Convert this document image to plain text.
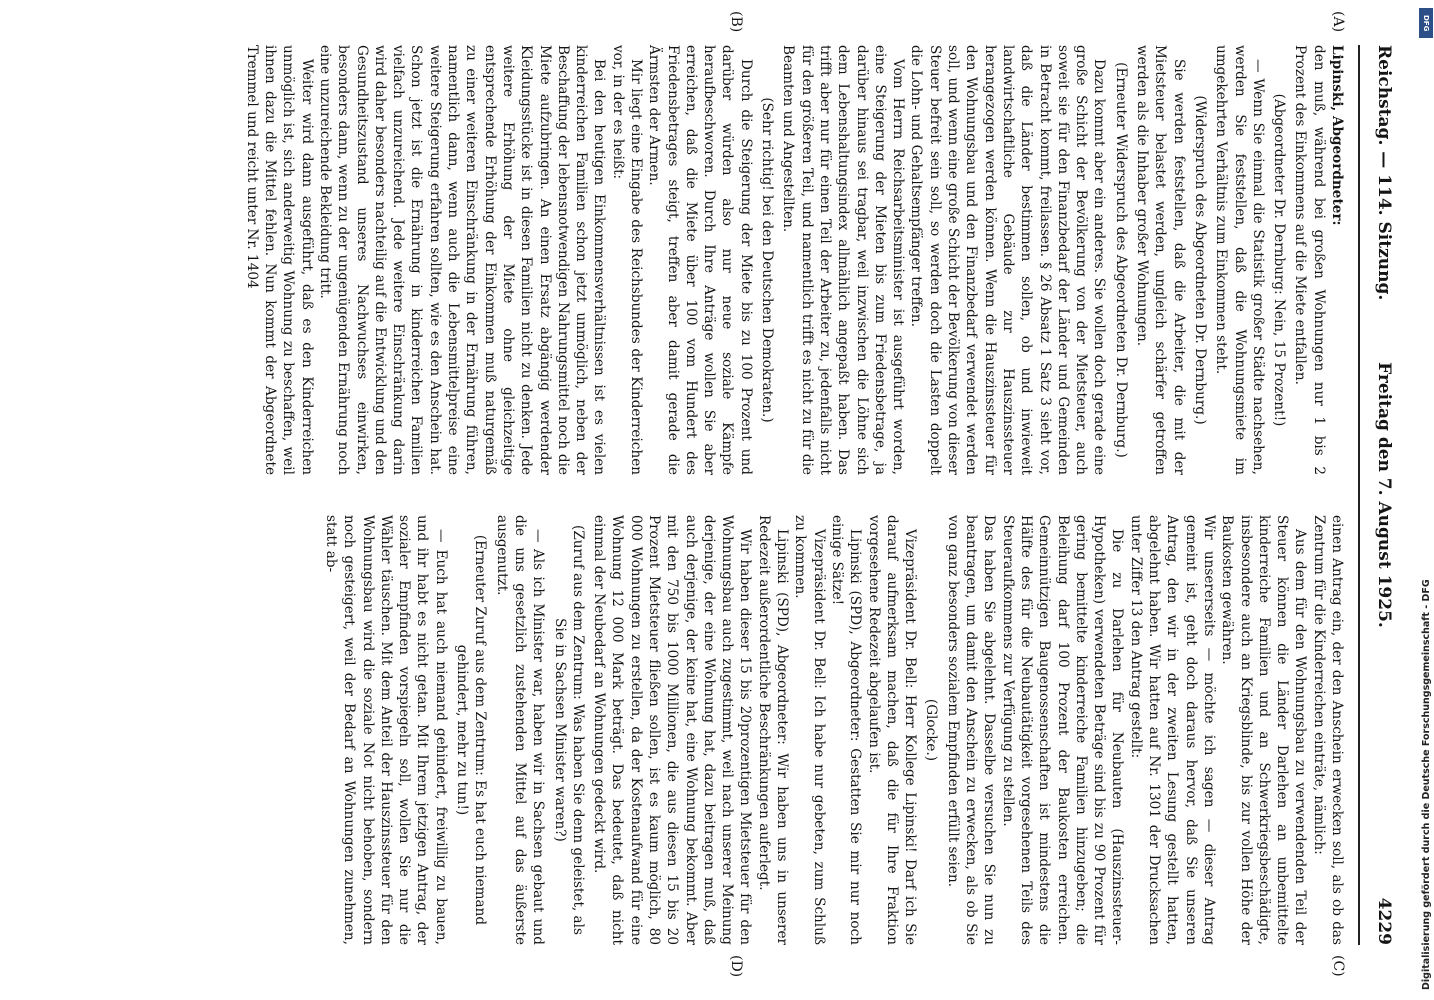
Reichstag. — 114. Sitzung.
Freitag den 7. August 1925.
4229
(A)
(B)
(C)
(D)

Lipinski, Abgeordneter:

den muß, während bei großen Wohnungen nur 1 bis 2 Prozent des Einkommens auf die Miete entfallen.

(Abgeordneter Dr. Dernburg: Nein, 15 Prozent!)

— Wenn Sie einmal die Statistik großer Städte nachsehen, werden Sie feststellen, daß die Wohnungsmiete im umgekehrten Verhältnis zum Einkommen steht.

(Widerspruch des Abgeordneten Dr. Dernburg.)

Sie werden feststellen, daß die Arbeiter, die mit der Mietsteuer belastet werden, ungleich schärfer getroffen werden als die Inhaber großer Wohnungen.

(Erneuter Widerspruch des Abgeordneten Dr. Dernburg.)

Dazu kommt aber ein anderes. Sie wollen doch gerade eine große Schicht der Bevölkerung von der Mietsteuer, auch soweit sie für den Finanzbedarf der Länder und Gemeinden in Betracht kommt, freilassen. § 26 Absatz 1 Satz 3 sieht vor, daß die Länder bestimmen sollen, ob und inwieweit landwirtschaftliche Gebäude zur Hauszinssteuer herangezogen werden können. Wenn die Hauszinssteuer für den Wohnungsbau und den Finanzbedarf verwendet werden soll, und wenn eine große Schicht der Bevölkerung von dieser Steuer befreit sein soll, so werden doch die Lasten doppelt die Lohn- und Gehaltsempfänger treffen.

Vom Herrn Reichsarbeitsminister ist ausgeführt worden, eine Steigerung der Mieten bis zum Friedensbetrage, ja darüber hinaus sei tragbar, weil inzwischen die Löhne sich dem Lebenshaltungsindex allmählich angepaßt haben. Das trifft aber nur für einen Teil der Arbeiter zu, jedenfalls nicht für den größeren Teil, und namentlich trifft es nicht zu für die Beamten und Angestellten.

(Sehr richtig! bei den Deutschen Demokraten.)

Durch die Steigerung der Miete bis zu 100 Prozent und darüber würden also nur neue soziale Kämpfe heraufbeschworen. Durch Ihre Anträge wollen Sie aber erreichen, daß die Miete über 100 vom Hundert des Friedensbetrages steigt, treffen aber damit gerade die Ärmsten der Armen.

Mir liegt eine Eingabe des Reichsbundes der Kinderreichen vor, in der es heißt:

Bei den heutigen Einkommensverhältnissen ist es vielen kinderreichen Familien schon jetzt unmöglich, neben der Beschaffung der lebensnotwendigen Nahrungsmittel noch die Miete aufzubringen. An einen Ersatz abgängig werdender Kleidungsstücke ist in diesen Familien nicht zu denken. Jede weitere Erhöhung der Miete ohne gleichzeitige entsprechende Erhöhung der Einkommen muß naturgemäß zu einer weiteren Einschränkung in der Ernährung führen, namentlich dann, wenn auch die Lebensmittelpreise eine weitere Steigerung erfahren sollten, wie es den Anschein hat. Schon jetzt ist die Ernährung in kinderreichen Familien vielfach unzureichend. Jede weitere Einschränkung darin wird daher besonders nachteilig auf die Entwicklung und den Gesundheitszustand unseres Nachwuchses einwirken, besonders dann, wenn zu der ungenügenden Ernährung noch eine unzureichende Bekleidung tritt.

Weiter wird dann ausgeführt, daß es den Kinderreichen unmöglich ist, sich anderweitig Wohnung zu beschaffen, weil ihnen dazu die Mittel fehlen. Nun kommt der Abgeordnete Tremmel und reicht unter Nr. 1404

einen Antrag ein, der den Anschein erwecken soll, als ob das Zentrum für die Kinderreichen einträte, nämlich:

Aus dem für den Wohnungsbau zu verwendenden Teil der Steuer können die Länder Darlehen an unbemittelte kinderreiche Familien und an Schwerkriegsbeschädigte, insbesondere auch an Kriegsblinde, bis zur vollen Höhe der Baukosten gewähren.

Wir unsererseits — möchte ich sagen — dieser Antrag gemeint ist, geht doch daraus hervor, daß Sie unseren Antrag, den wir in der zweiten Lesung gestellt hatten, abgelehnt haben. Wir hatten auf Nr. 1301 der Drucksachen unter Ziffer 13 den Antrag gestellt:

Die zu Darlehen für Neubauten (Hauszinssteuer-Hypotheken) verwendeten Beträge sind bis zu 90 Prozent für gering bemittelte kinderreiche Familien hinzugeben; die Beleihung darf 100 Prozent der Baukosten erreichen. Gemeinnützigen Baugenossenschaften ist mindestens die Hälfte des für die Neubautätigkeit vorgesehenen Teils des Steueraufkommens zur Verfügung zu stellen.

Das haben Sie abgelehnt. Dasselbe versuchen Sie nun zu beantragen, um damit den Anschein zu erwecken, als ob Sie von ganz besonders sozialem Empfinden erfüllt seien.

(Glocke.)

Vizepräsident Dr. Bell: Herr Kollege Lipinski! Darf ich Sie darauf aufmerksam machen, daß die für Ihre Fraktion vorgesehene Redezeit abgelaufen ist.

Lipinski (SPD), Abgeordneter: Gestatten Sie mir nur noch einige Sätze!

Vizepräsident Dr. Bell: Ich habe nur gebeten, zum Schluß zu kommen.

Lipinski (SPD), Abgeordneter: Wir haben uns in unserer Redezeit außerordentliche Beschränkungen auferlegt.

Wir haben dieser 15 bis 20prozentigen Mietsteuer für den Wohnungsbau auch zugestimmt, weil nach unserer Meinung derjenige, der eine Wohnung hat, dazu beitragen muß, daß auch derjenige, der keine hat, eine Wohnung bekommt. Aber mit den 750 bis 1000 Millionen, die aus diesen 15 bis 20 Prozent Mietsteuer fließen sollen, ist es kaum möglich, 80 000 Wohnungen zu erstellen, da der Kostenaufwand für eine Wohnung 12 000 Mark beträgt. Das bedeutet, daß nicht einmal der Neubedarf an Wohnungen gedeckt wird.

(Zuruf aus dem Zentrum: Was haben Sie denn geleistet, als Sie in Sachsen Minister waren?)

— Als ich Minister war, haben wir in Sachsen gebaut und die uns gesetzlich zustehenden Mittel auf das äußerste ausgenutzt.

(Erneuter Zuruf aus dem Zentrum: Es hat euch niemand gehindert, mehr zu tun!)

— Euch hat auch niemand gehindert, freiwillig zu bauen, und ihr habt es nicht getan. Mit Ihrem jetzigen Antrag, der sozialer Empfinden vorspiegeln soll, wollen Sie nur die Wähler täuschen. Mit dem Anteil der Hauszinssteuer für den Wohnungsbau wird die soziale Not nicht behoben, sondern noch gesteigert, weil der Bedarf an Wohnungen zunehmen, statt ab-

DFG
Digitalisierung gefördert durch die Deutsche Forschungsgemeinschaft - DFG
